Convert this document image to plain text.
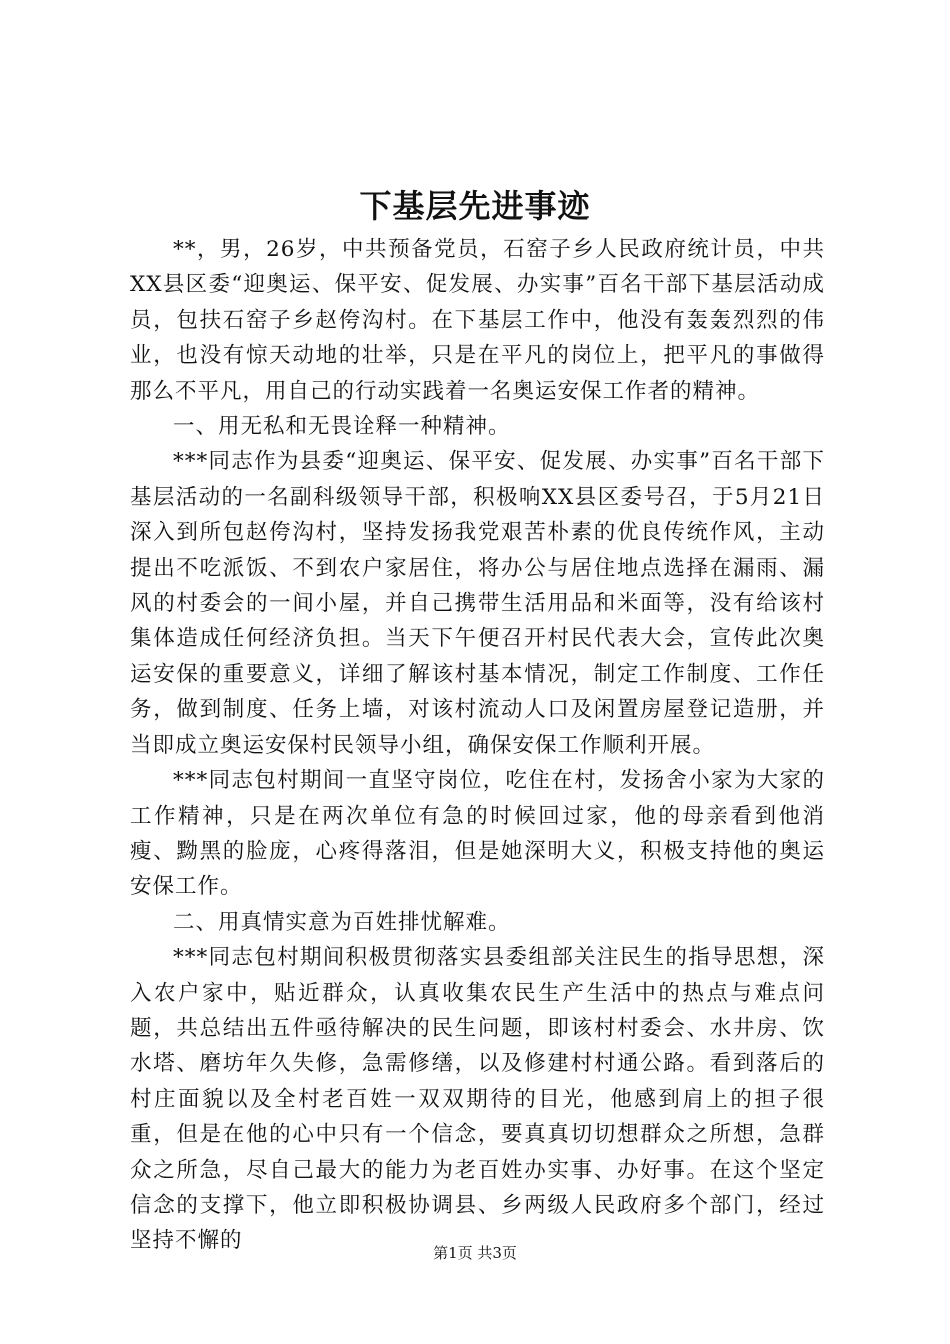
下基层先进事迹

**，男，26岁，中共预备党员，石窑子乡人民政府统计员，中共XX县区委“迎奥运、保平安、促发展、办实事”百名干部下基层活动成员，包扶石窑子乡赵侉沟村。在下基层工作中，他没有轰轰烈烈的伟业，也没有惊天动地的壮举，只是在平凡的岗位上，把平凡的事做得那么不平凡，用自己的行动实践着一名奥运安保工作者的精神。

一、用无私和无畏诠释一种精神。

***同志作为县委“迎奥运、保平安、促发展、办实事”百名干部下基层活动的一名副科级领导干部，积极响XX县区委号召，于5月21日深入到所包赵侉沟村，坚持发扬我党艰苦朴素的优良传统作风，主动提出不吃派饭、不到农户家居住，将办公与居住地点选择在漏雨、漏风的村委会的一间小屋，并自己携带生活用品和米面等，没有给该村集体造成任何经济负担。当天下午便召开村民代表大会，宣传此次奥运安保的重要意义，详细了解该村基本情况，制定工作制度、工作任务，做到制度、任务上墙，对该村流动人口及闲置房屋登记造册，并当即成立奥运安保村民领导小组，确保安保工作顺利开展。

***同志包村期间一直坚守岗位，吃住在村，发扬舍小家为大家的工作精神，只是在两次单位有急的时候回过家，他的母亲看到他消瘦、黝黑的脸庞，心疼得落泪，但是她深明大义，积极支持他的奥运安保工作。

二、用真情实意为百姓排忧解难。

***同志包村期间积极贯彻落实县委组部关注民生的指导思想，深入农户家中，贴近群众，认真收集农民生产生活中的热点与难点问题，共总结出五件亟待解决的民生问题，即该村村委会、水井房、饮水塔、磨坊年久失修，急需修缮，以及修建村村通公路。看到落后的村庄面貌以及全村老百姓一双双期待的目光，他感到肩上的担子很重，但是在他的心中只有一个信念，要真真切切想群众之所想，急群众之所急，尽自己最大的能力为老百姓办实事、办好事。在这个坚定信念的支撑下，他立即积极协调县、乡两级人民政府多个部门，经过坚持不懈的	第1页 共3页
